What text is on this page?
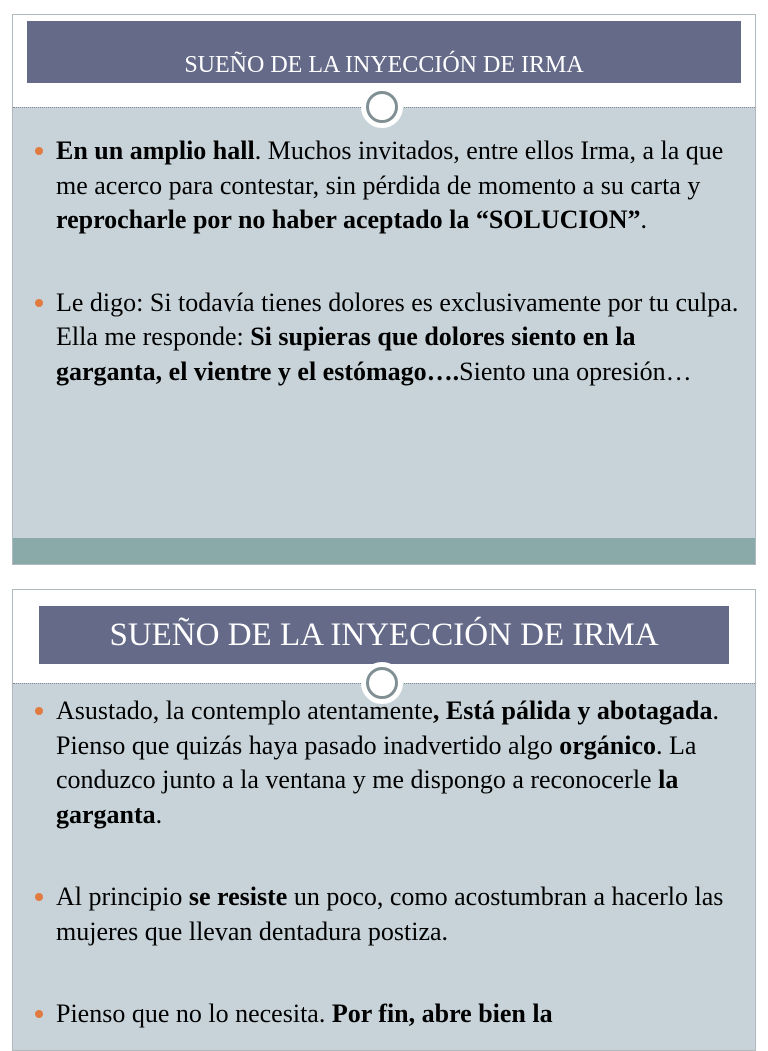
SUEÑO DE LA INYECCIÓN DE IRMA
En un amplio hall. Muchos invitados, entre ellos Irma, a la que me acerco para contestar, sin pérdida de momento a su carta y reprocharle por no haber aceptado la “SOLUCION”.
Le digo: Si todavía tienes dolores es exclusivamente por tu culpa. Ella me responde: Si supieras que dolores siento en la garganta, el vientre y el estómago….Siento una opresión…
SUEÑO DE LA INYECCIÓN DE IRMA
Asustado, la contemplo atentamente, Está pálida y abotagada. Pienso que quizás haya pasado inadvertido algo orgánico. La conduzco junto a la ventana y me dispongo a reconocerle la garganta.
Al principio se resiste un poco, como acostumbran a hacerlo las mujeres que llevan dentadura postiza.
Pienso que no lo necesita. Por fin, abre bien la
